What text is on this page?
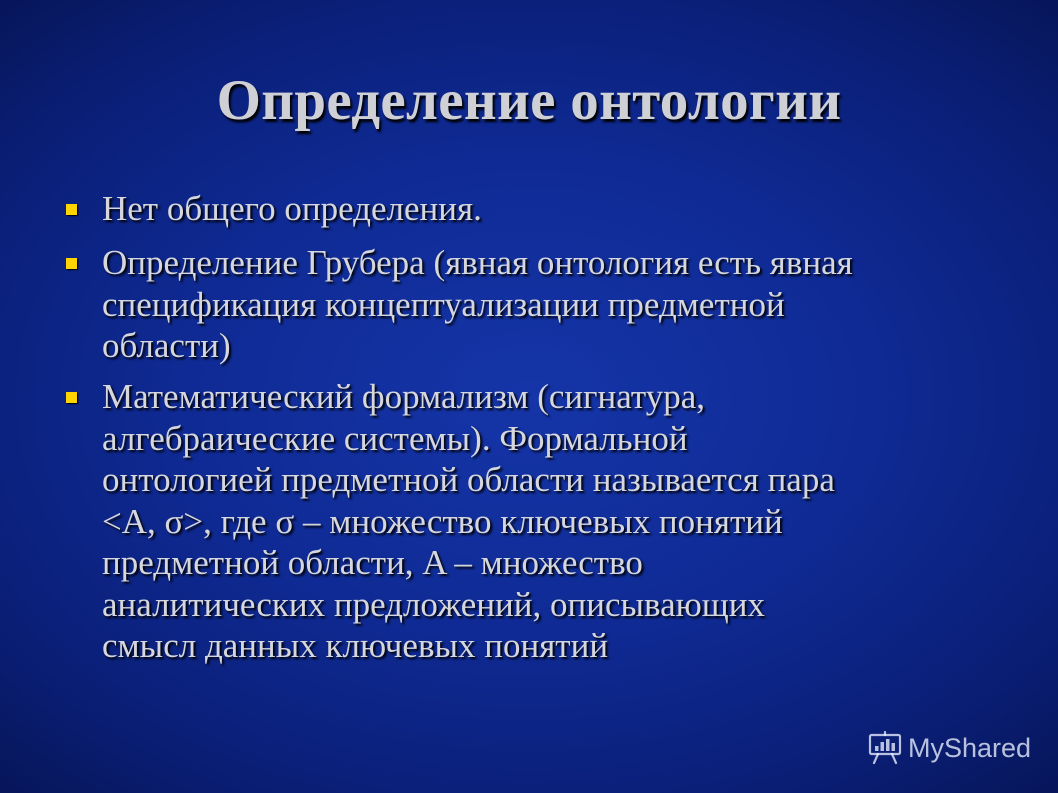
Определение онтологии
Нет общего определения.
Определение Грубера (явная онтология есть явная
спецификация концептуализации предметной
области)
Математический формализм (сигнатура,
алгебраические системы). Формальной
онтологией предметной области называется пара
<A, σ>, где σ – множество ключевых понятий
предметной области, A – множество
аналитических предложений, описывающих
смысл данных ключевых понятий
MyShared
